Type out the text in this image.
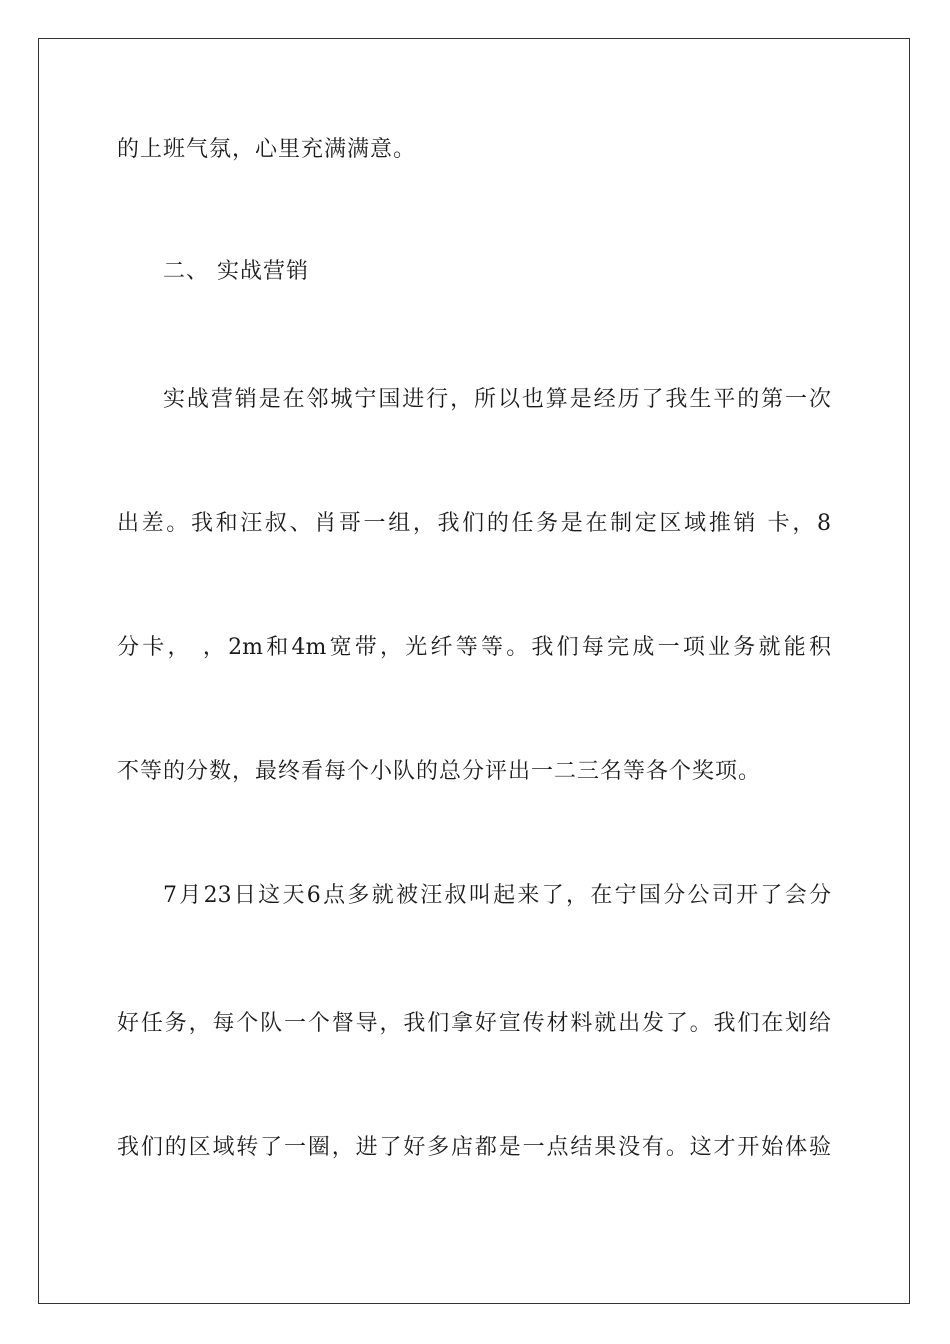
的上班气氛，心里充满满意。
二、 实战营销
实战营销是在邻城宁国进行，所以也算是经历了我生平的第一次
出差。我和汪叔、肖哥一组，我们的任务是在制定区域推销 卡，8
分卡， ，2m和4m宽带，光纤等等。我们每完成一项业务就能积
不等的分数，最终看每个小队的总分评出一二三名等各个奖项。
7月23日这天6点多就被汪叔叫起来了，在宁国分公司开了会分
好任务，每个队一个督导，我们拿好宣传材料就出发了。我们在划给
我们的区域转了一圈，进了好多店都是一点结果没有。这才开始体验
